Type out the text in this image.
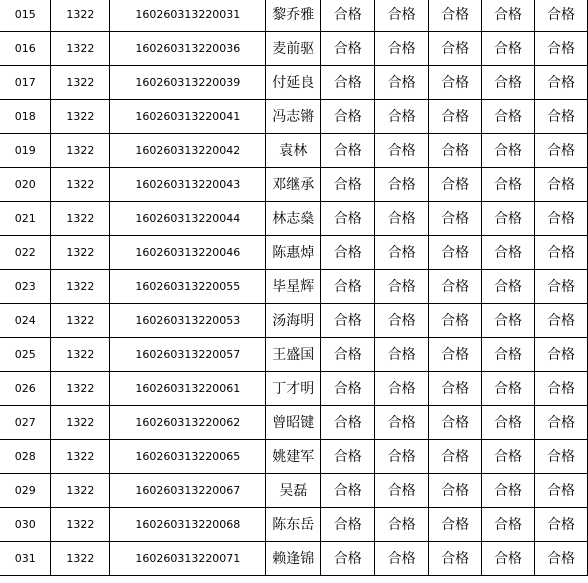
015	1322	160260313220031	黎乔雅	合格	合格	合格	合格	合格
016	1322	160260313220036	麦前驱	合格	合格	合格	合格	合格
017	1322	160260313220039	付延良	合格	合格	合格	合格	合格
018	1322	160260313220041	冯志锵	合格	合格	合格	合格	合格
019	1322	160260313220042	袁林	合格	合格	合格	合格	合格
020	1322	160260313220043	邓继承	合格	合格	合格	合格	合格
021	1322	160260313220044	林志燊	合格	合格	合格	合格	合格
022	1322	160260313220046	陈惠焯	合格	合格	合格	合格	合格
023	1322	160260313220055	毕星辉	合格	合格	合格	合格	合格
024	1322	160260313220053	汤海明	合格	合格	合格	合格	合格
025	1322	160260313220057	王盛国	合格	合格	合格	合格	合格
026	1322	160260313220061	丁才明	合格	合格	合格	合格	合格
027	1322	160260313220062	曾昭键	合格	合格	合格	合格	合格
028	1322	160260313220065	姚建军	合格	合格	合格	合格	合格
029	1322	160260313220067	吴磊	合格	合格	合格	合格	合格
030	1322	160260313220068	陈东岳	合格	合格	合格	合格	合格
031	1322	160260313220071	赖逢锦	合格	合格	合格	合格	合格
